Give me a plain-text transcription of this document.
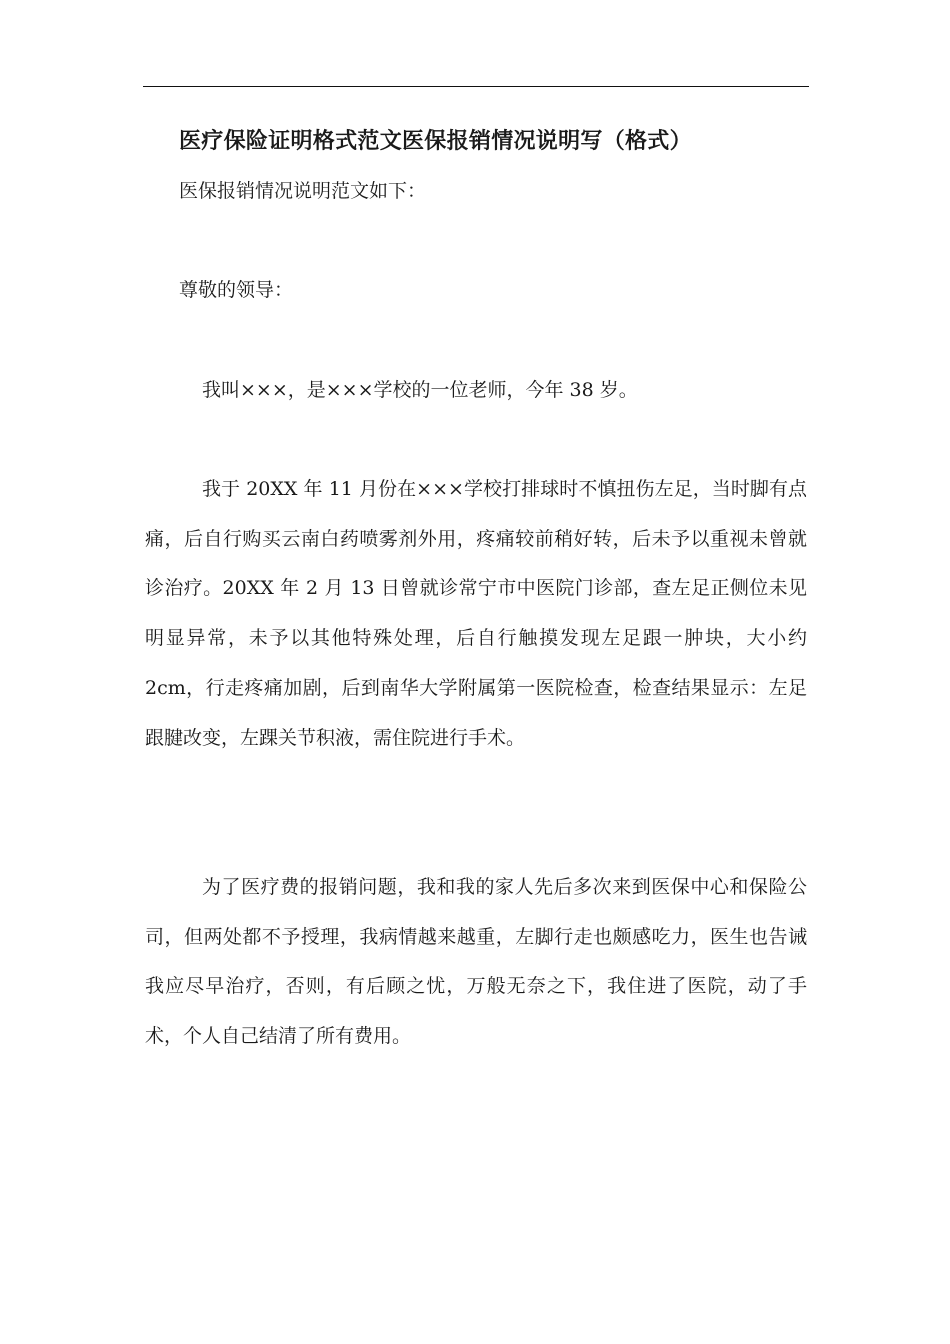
医疗保险证明格式范文医保报销情况说明写（格式）
医保报销情况说明范文如下：
尊敬的领导：

我叫×××，是×××学校的一位老师，今年 38 岁。

我于 20XX 年 11 月份在×××学校打排球时不慎扭伤左足，当时脚有点痛，后自行购买云南白药喷雾剂外用，疼痛较前稍好转，后未予以重视未曾就诊治疗。20XX 年 2 月 13 日曾就诊常宁市中医院门诊部，查左足正侧位未见明显异常，未予以其他特殊处理，后自行触摸发现左足跟一肿块，大小约 2cm，行走疼痛加剧，后到南华大学附属第一医院检查，检查结果显示：左足跟腱改变，左踝关节积液，需住院进行手术。

为了医疗费的报销问题，我和我的家人先后多次来到医保中心和保险公司，但两处都不予授理，我病情越来越重，左脚行走也颇感吃力，医生也告诫我应尽早治疗，否则，有后顾之忧，万般无奈之下，我住进了医院，动了手术，个人自己结清了所有费用。
